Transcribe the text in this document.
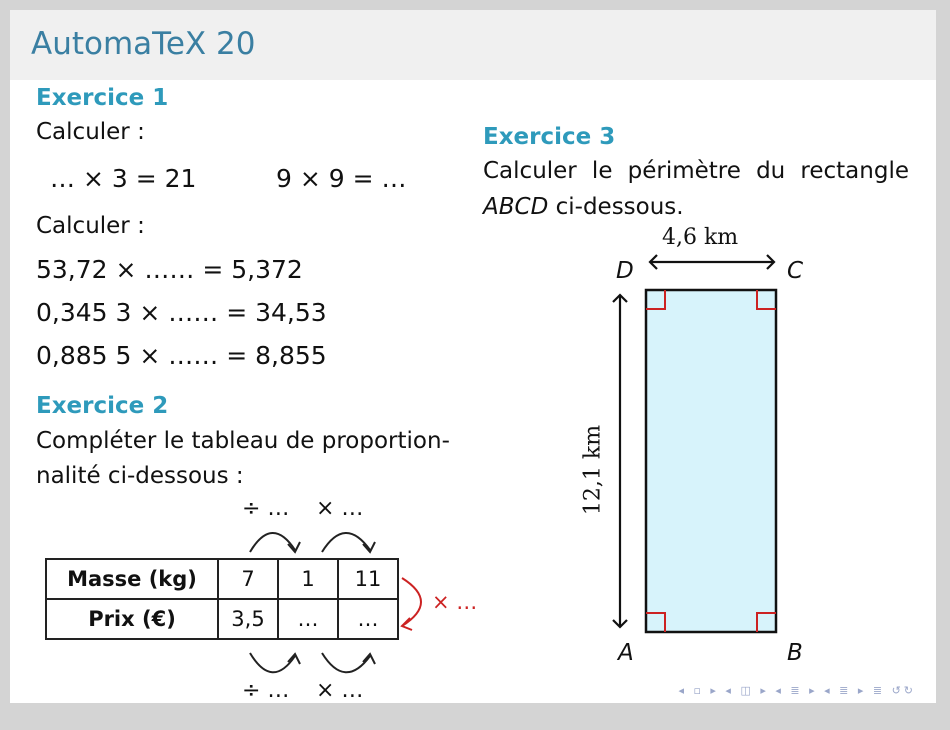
AutomaTeX 20
Exercice 1
Calculer :
… × 3 = 21	9 × 9 = …
Calculer :
53,72 × …… = 5,372
0,345 3 × …… = 34,53
0,885 5 × …… = 8,855
Exercice 2
Compléter le tableau de proportion-
nalité ci-dessous :
÷ … × …
Masse (kg)	7	1	11
Prix (€)	3,5	…	…
× …
÷ … × …
Exercice 3
Calculer le périmètre du rectangle
ABCD ci-dessous.
4,6 km
D	C
A	B
12,1 km
◂ ▫ ▸ ◂ ◫ ▸ ◂ ≣ ▸ ◂ ≣ ▸ ≣ ↺↻
